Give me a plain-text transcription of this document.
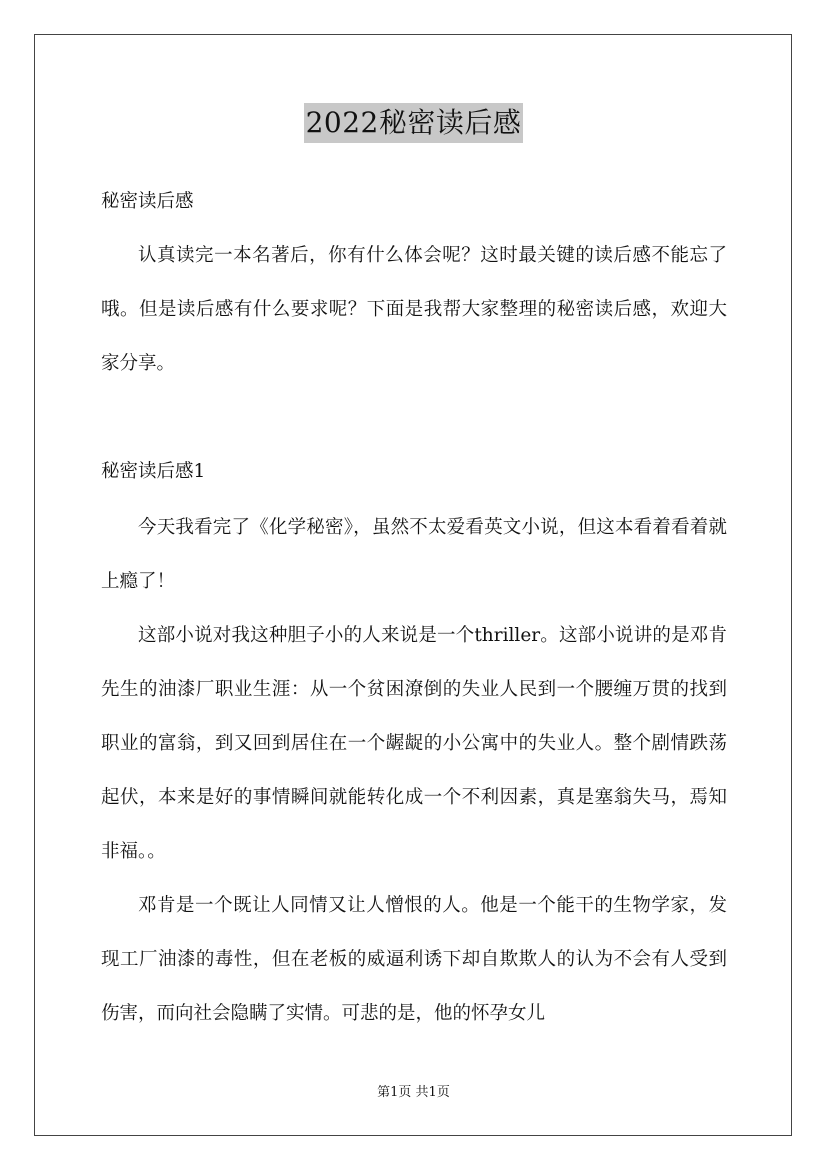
2022秘密读后感

秘密读后感

认真读完一本名著后，你有什么体会呢？这时最关键的读后感不能忘了哦。但是读后感有什么要求呢？下面是我帮大家整理的秘密读后感，欢迎大家分享。

秘密读后感1

今天我看完了《化学秘密》，虽然不太爱看英文小说，但这本看着看着就上瘾了！

这部小说对我这种胆子小的人来说是一个thriller。这部小说讲的是邓肯先生的油漆厂职业生涯：从一个贫困潦倒的失业人民到一个腰缠万贯的找到职业的富翁，到又回到居住在一个龌龊的小公寓中的失业人。整个剧情跌荡起伏，本来是好的事情瞬间就能转化成一个不利因素，真是塞翁失马，焉知非福。。

邓肯是一个既让人同情又让人憎恨的人。他是一个能干的生物学家，发现工厂油漆的毒性，但在老板的威逼利诱下却自欺欺人的认为不会有人受到伤害，而向社会隐瞒了实情。可悲的是，他的怀孕女儿

第1页 共1页
